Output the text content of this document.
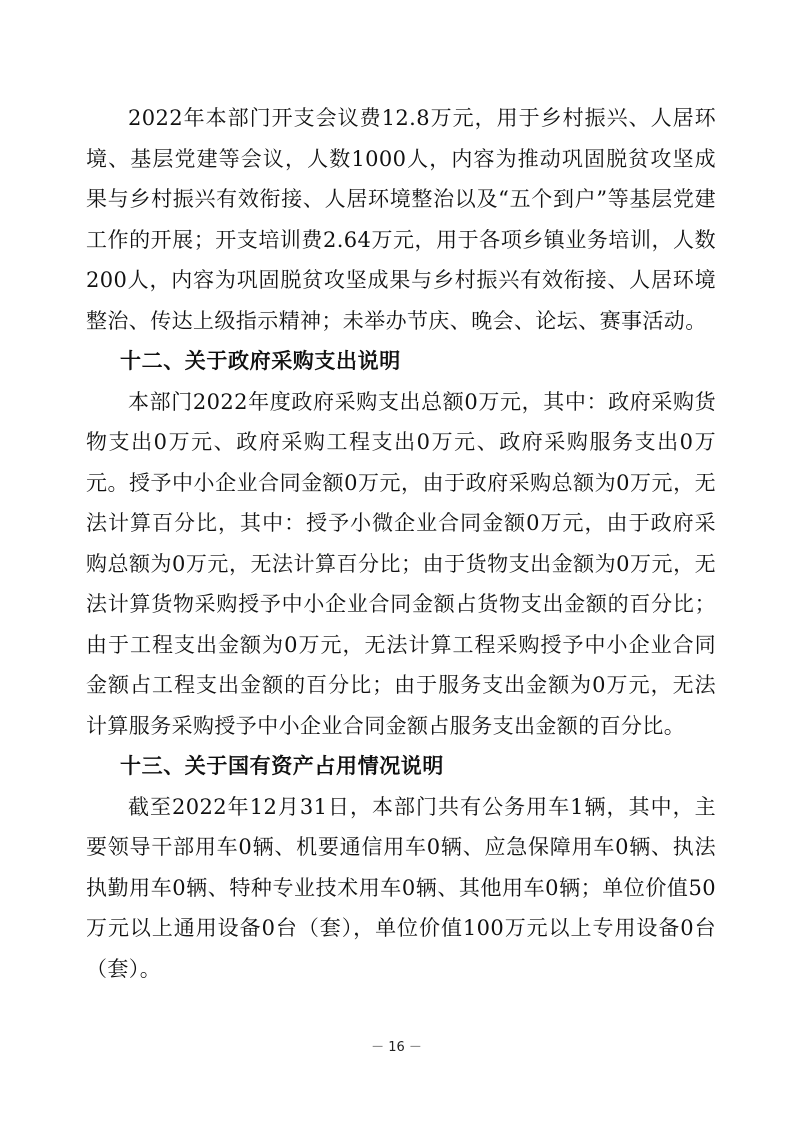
2022年本部门开支会议费12.8万元，用于乡村振兴、人居环境、基层党建等会议，人数1000人，内容为推动巩固脱贫攻坚成果与乡村振兴有效衔接、人居环境整治以及“五个到户”等基层党建工作的开展；开支培训费2.64万元，用于各项乡镇业务培训，人数200人，内容为巩固脱贫攻坚成果与乡村振兴有效衔接、人居环境整治、传达上级指示精神；未举办节庆、晚会、论坛、赛事活动。

十二、关于政府采购支出说明

本部门2022年度政府采购支出总额0万元，其中：政府采购货物支出0万元、政府采购工程支出0万元、政府采购服务支出0万元。授予中小企业合同金额0万元，由于政府采购总额为0万元，无法计算百分比，其中：授予小微企业合同金额0万元，由于政府采购总额为0万元，无法计算百分比；由于货物支出金额为0万元，无法计算货物采购授予中小企业合同金额占货物支出金额的百分比；由于工程支出金额为0万元，无法计算工程采购授予中小企业合同金额占工程支出金额的百分比；由于服务支出金额为0万元，无法计算服务采购授予中小企业合同金额占服务支出金额的百分比。

十三、关于国有资产占用情况说明

截至2022年12月31日，本部门共有公务用车1辆，其中，主要领导干部用车0辆、机要通信用车0辆、应急保障用车0辆、执法执勤用车0辆、特种专业技术用车0辆、其他用车0辆；单位价值50万元以上通用设备0台（套），单位价值100万元以上专用设备0台（套）。

－ 16 －
